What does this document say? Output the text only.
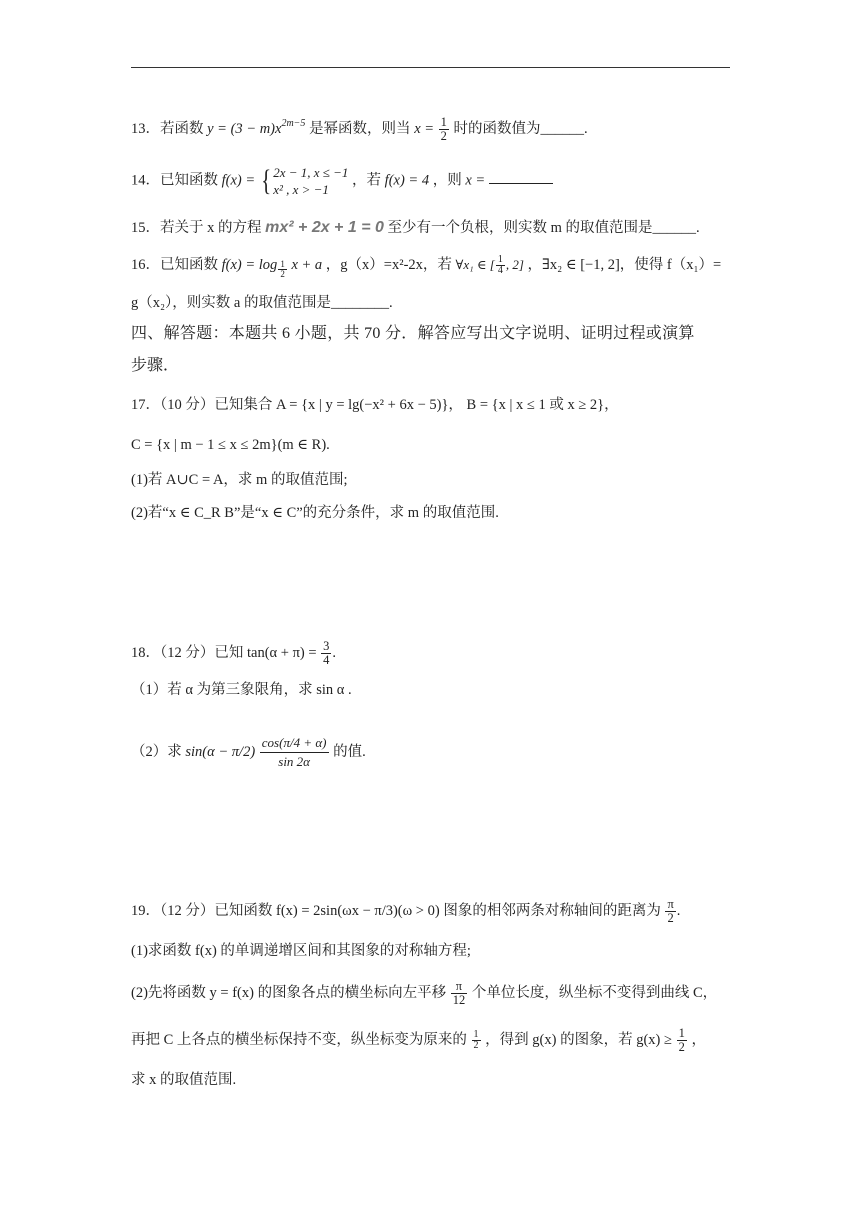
13．若函数 $y = (3 - m)x^{2m-5}$ 是幂函数，则当 $x = \frac{1}{2}$ 时的函数值为______.
14．已知函数 f(x) = { 2x − 1, x ≤ −1
x² , x > −1
，若 f(x) = 4 ，则 x =
15．若关于 x 的方程 mx² + 2x + 1 = 0 至少有一个负根，则实数 m 的取值范围是______.
16．已知函数 $f(x) = \log \frac{1}{2}$ x + a ，g（x）=x²-2x，若 ∀x₁ ∈ [ $\frac{1}{4}$ , 2] ，∃x₂ ∈ [−1, 2]，使得 f（x₁）=
g（x₂），则实数 a 的取值范围是________.
四、解答题：本题共 6 小题，共 70 分．解答应写出文字说明、证明过程或演算
步骤．
17．（10 分）已知集合 A = {x | y = lg(−x² + 6x − 5)}， B = {x | x ≤ 1 或 x ≥ 2}，
C = {x | m − 1 ≤ x ≤ 2m}(m ∈ R).
(1)若 A∪C = A，求 m 的取值范围;
(2)若“x ∈ C_R B”是“x ∈ C”的充分条件，求 m 的取值范围.
18．（12 分）已知 $\tan(\alpha + \pi) = \frac{3}{4}$ .
（1）若 α 为第三象限角，求 sin α .
（2）求 $\sin(\alpha - \pi/2) \frac{\cos(\pi/4 + \alpha)}{\sin 2\alpha}$ 的值.
19．（12 分）已知函数 f(x) = 2sin(ωx − π/3)(ω > 0) 图象的相邻两条对称轴间的距离为 $\frac{\pi}{2}$ .
(1)求函数 f(x) 的单调递增区间和其图象的对称轴方程;
(2)先将函数 y = f(x) 的图象各点的横坐标向左平移 $\frac{\pi}{12}$ 个单位长度，纵坐标不变得到曲线 C，
再把 C 上各点的横坐标保持不变，纵坐标变为原来的 $\frac{1}{2}$ ，得到 g(x) 的图象，若 $g(x) \ge \frac{1}{2}$ ，
求 x 的取值范围.
